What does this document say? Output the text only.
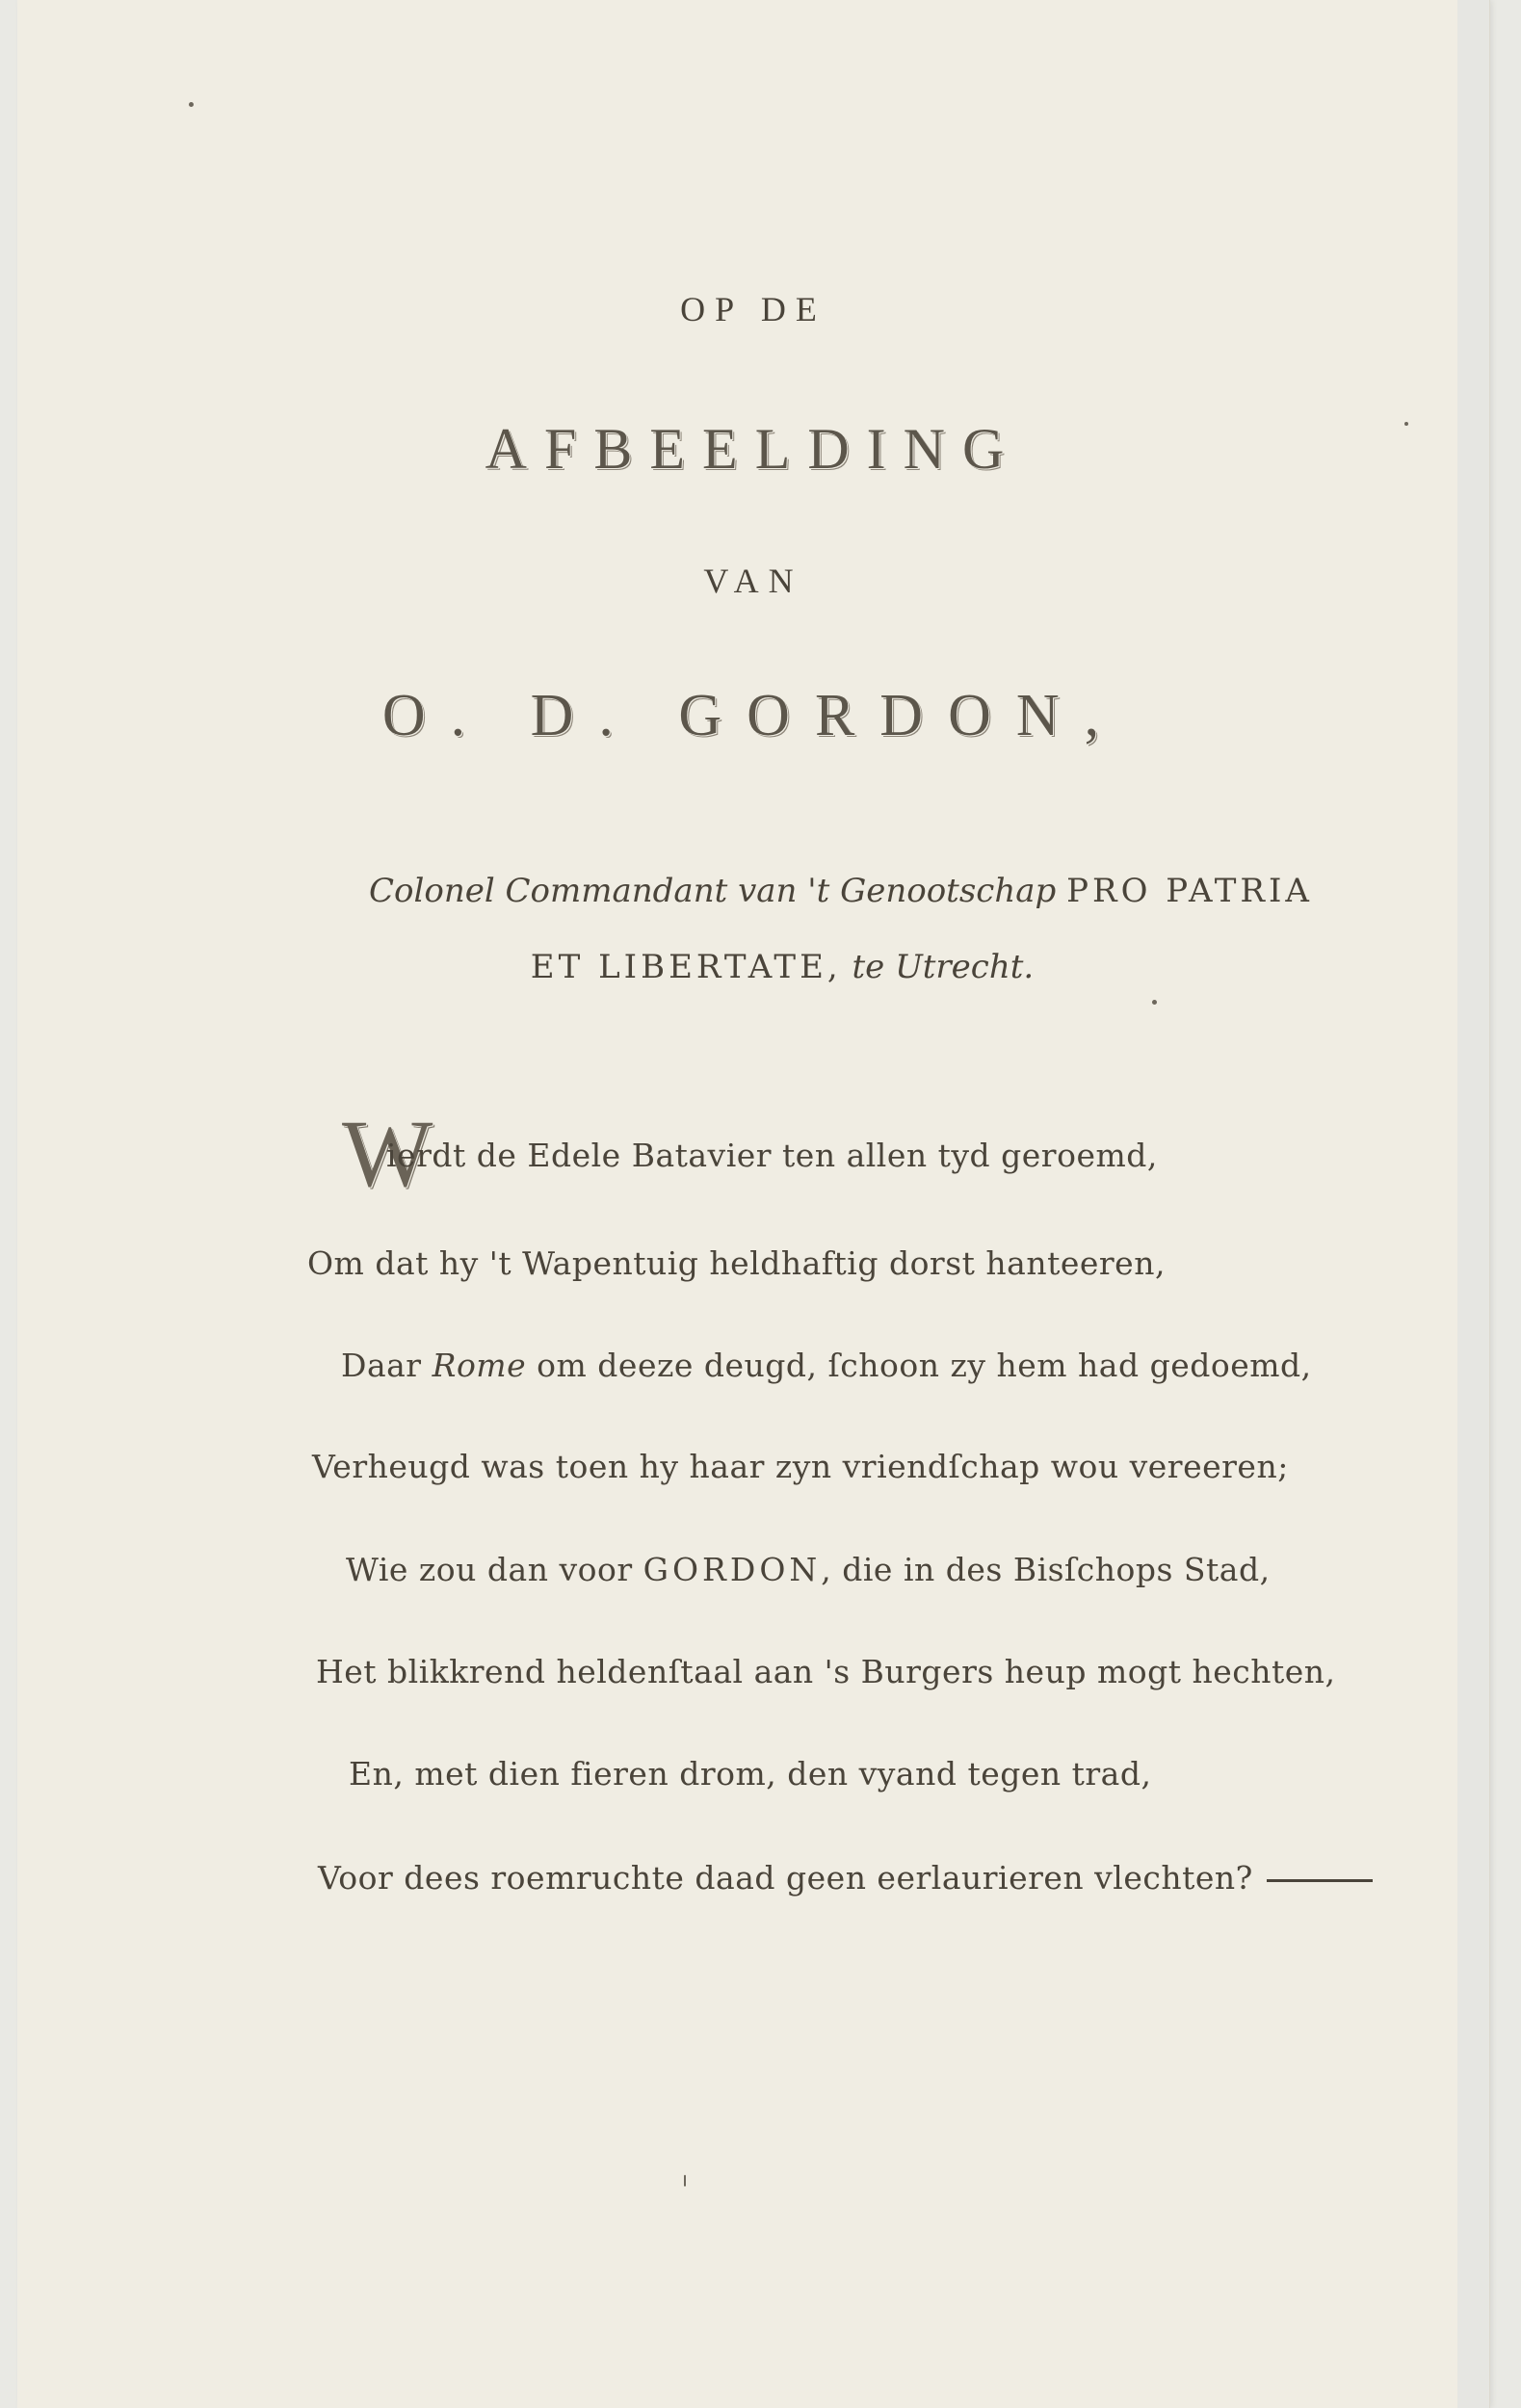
OP DE
AFBEELDING
VAN
O. D. GORDON,
Colonel Commandant van 't Genootschap PRO PATRIA
ET LIBERTATE, te Utrecht.
W
ierdt de Edele Batavier ten allen tyd geroemd,
Om dat hy 't Wapentuig heldhaftig dorst hanteeren,
Daar Rome om deeze deugd, ſchoon zy hem had gedoemd,
Verheugd was toen hy haar zyn vriendſchap wou vereeren;
Wie zou dan voor GORDON, die in des Bisſchops Stad,
Het blikkrend heldenſtaal aan 's Burgers heup mogt hechten,
En, met dien fieren drom, den vyand tegen trad,
Voor dees roemruchte daad geen eerlaurieren vlechten?
